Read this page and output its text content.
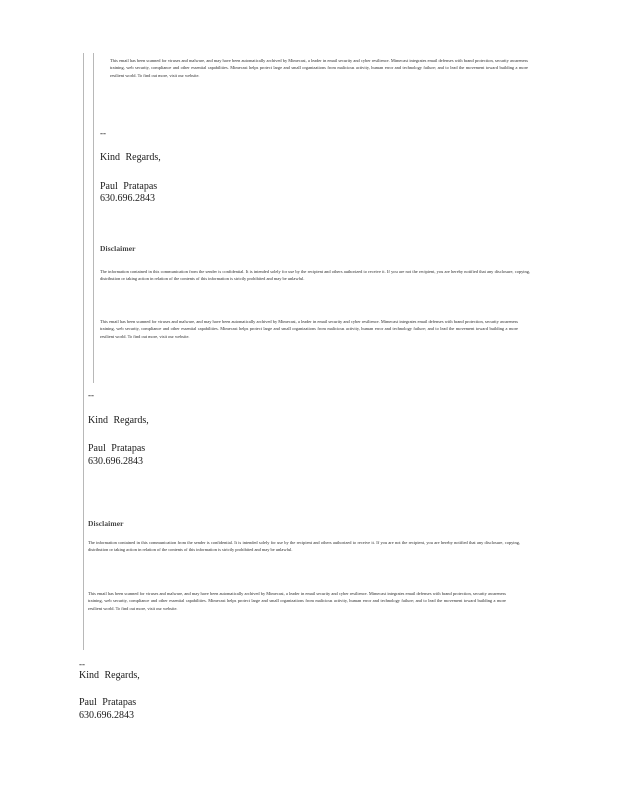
This email has been scanned for viruses and malware, and may have been automatically archived by Mimecast, a leader in email security and cyber resilience. Mimecast integrates email defenses with brand protection, security awareness training, web security, compliance and other essential capabilities. Mimecast helps protect large and small organizations from malicious activity, human error and technology failure; and to lead the movement toward building a more resilient world. To find out more, visit our website.

--
Kind Regards,
Paul Pratapas
630.696.2843
Disclaimer

The information contained in this communication from the sender is confidential. It is intended solely for use by the recipient and others authorized to receive it. If you are not the recipient, you are hereby notified that any disclosure, copying, distribution or taking action in relation of the contents of this information is strictly prohibited and may be unlawful.

This email has been scanned for viruses and malware, and may have been automatically archived by Mimecast, a leader in email security and cyber resilience. Mimecast integrates email defenses with brand protection, security awareness training, web security, compliance and other essential capabilities. Mimecast helps protect large and small organizations from malicious activity, human error and technology failure; and to lead the movement toward building a more resilient world. To find out more, visit our website.

--
Kind Regards,
Paul Pratapas
630.696.2843
Disclaimer

The information contained in this communication from the sender is confidential. It is intended solely for use by the recipient and others authorized to receive it. If you are not the recipient, you are hereby notified that any disclosure, copying, distribution or taking action in relation of the contents of this information is strictly prohibited and may be unlawful.

This email has been scanned for viruses and malware, and may have been automatically archived by Mimecast, a leader in email security and cyber resilience. Mimecast integrates email defenses with brand protection, security awareness training, web security, compliance and other essential capabilities. Mimecast helps protect large and small organizations from malicious activity, human error and technology failure; and to lead the movement toward building a more resilient world. To find out more, visit our website.

--
Kind Regards,
Paul Pratapas
630.696.2843
